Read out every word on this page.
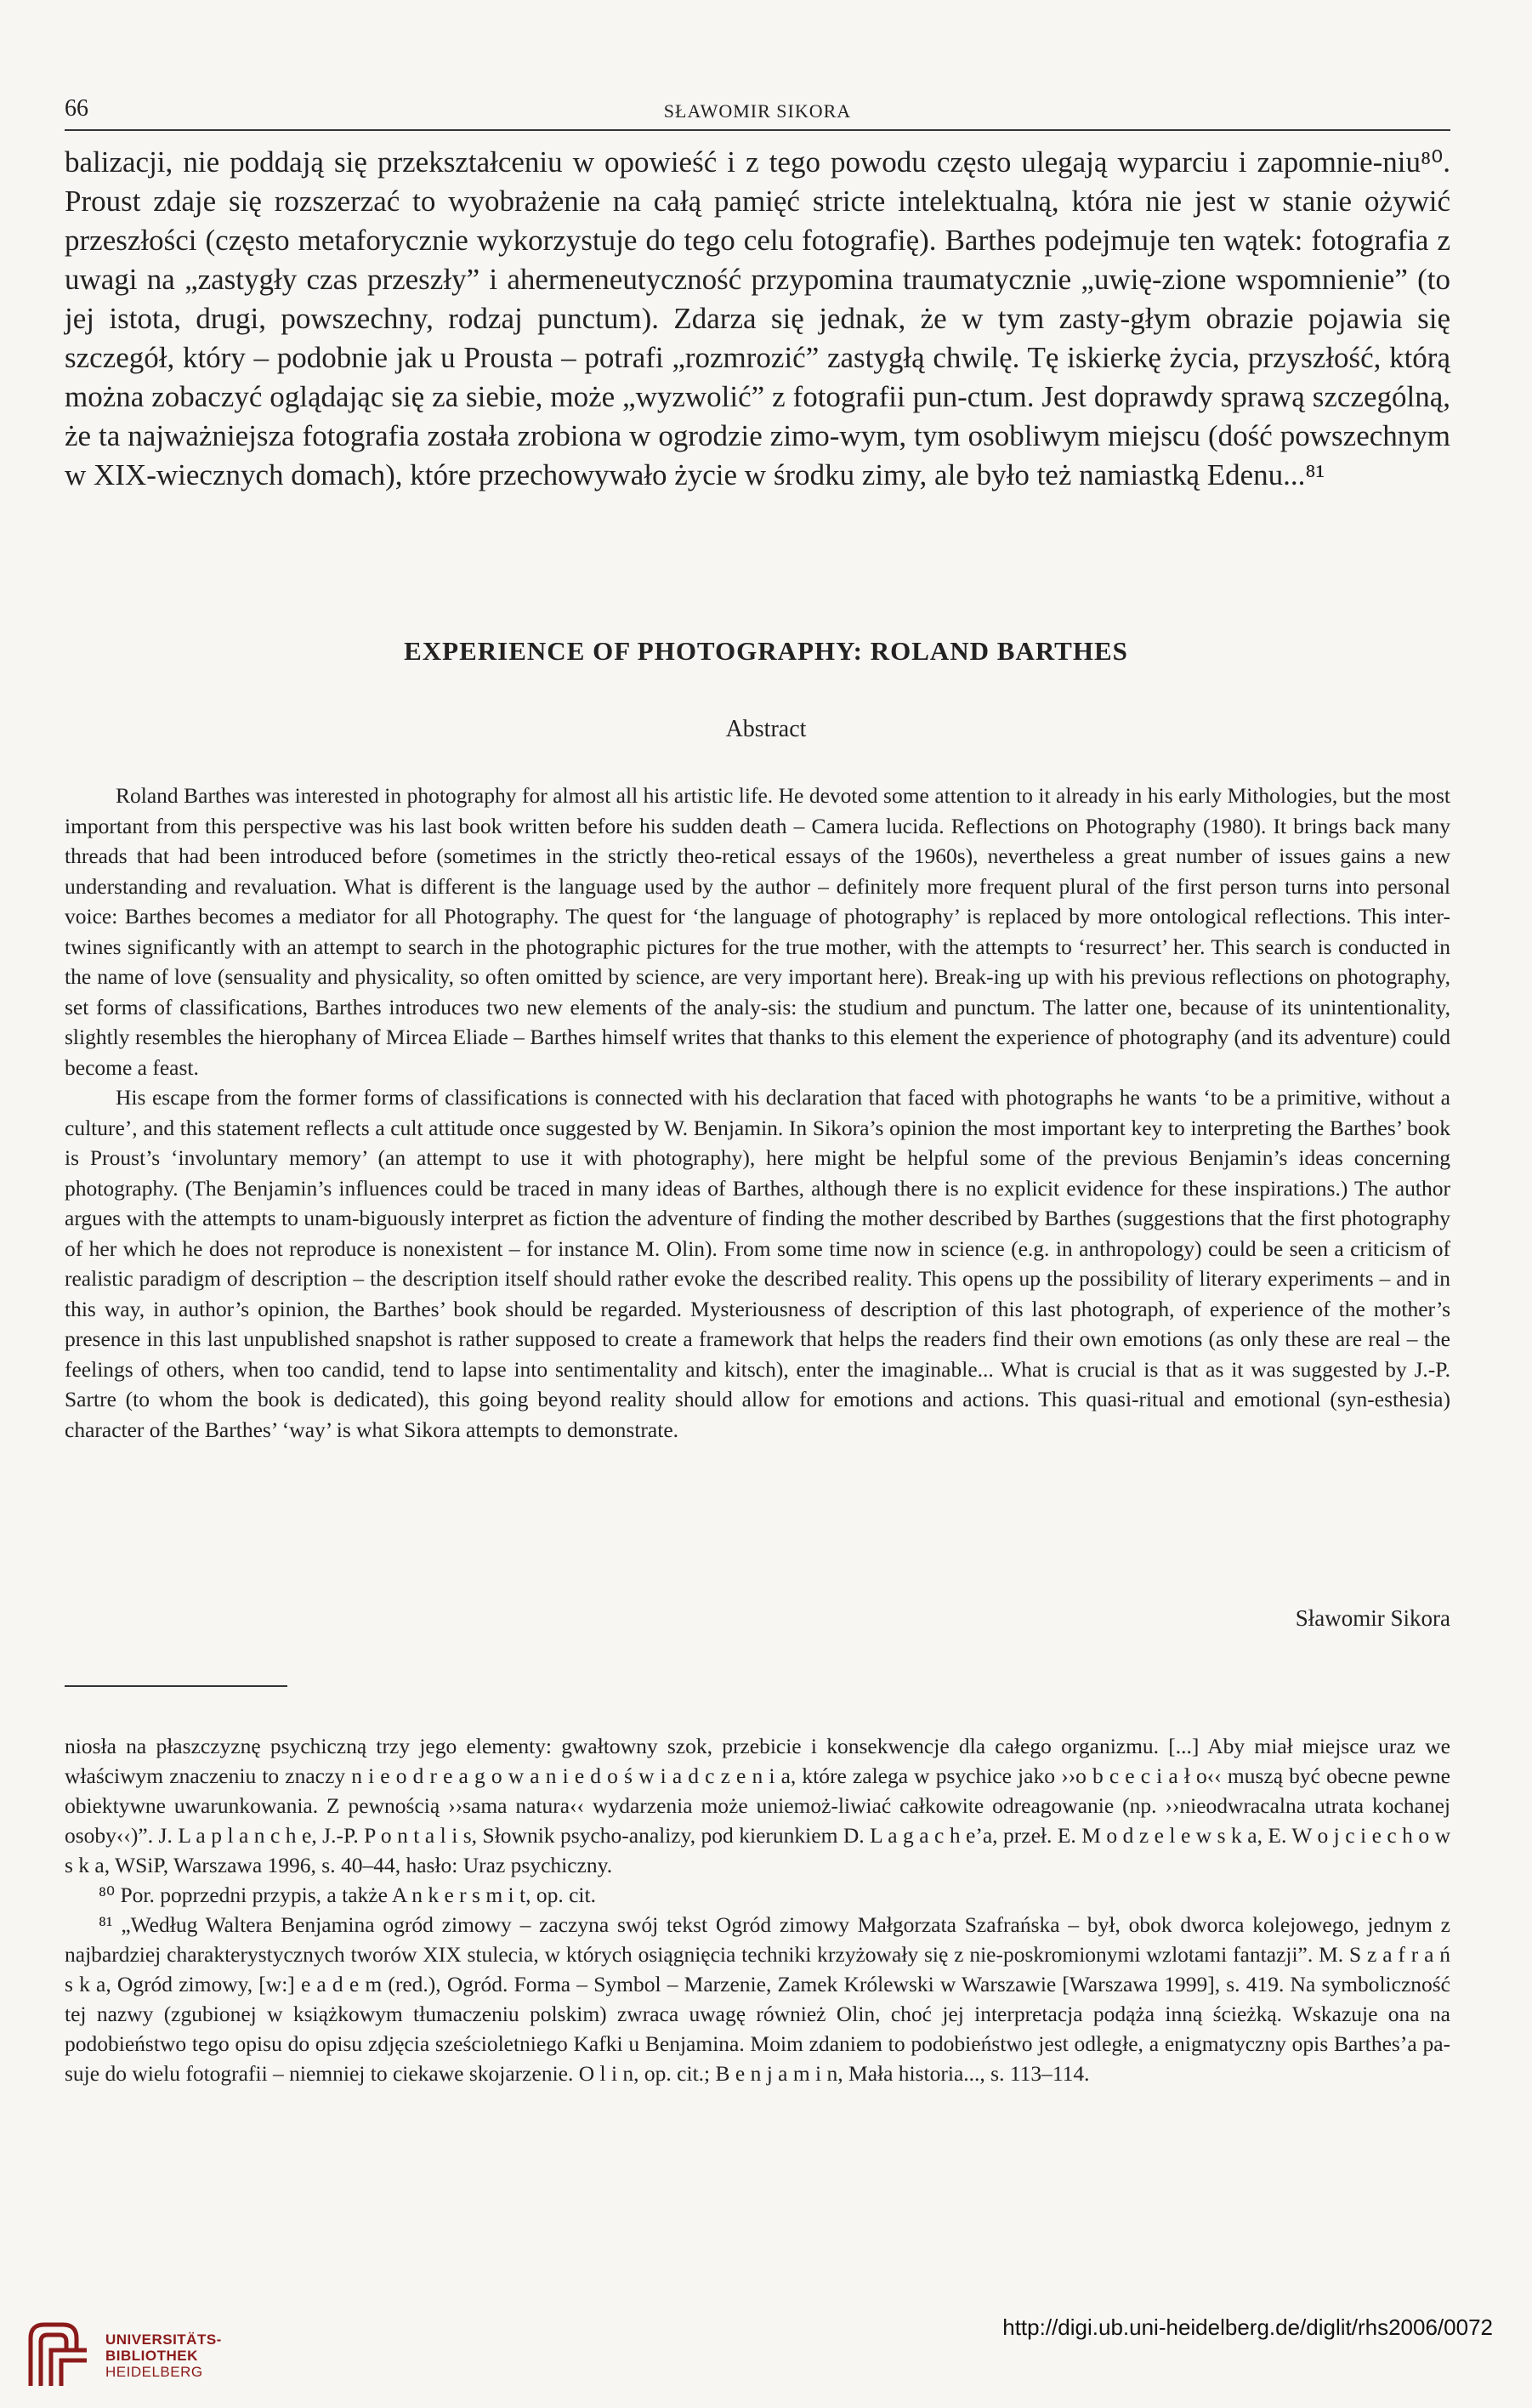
66	SŁAWOMIR SIKORA

balizacji, nie poddają się przekształceniu w opowieść i z tego powodu często ulegają wyparciu i zapomnie-niu⁸⁰. Proust zdaje się rozszerzać to wyobrażenie na całą pamięć stricte intelektualną, która nie jest w stanie ożywić przeszłości (często metaforycznie wykorzystuje do tego celu fotografię). Barthes podejmuje ten wątek: fotografia z uwagi na „zastygły czas przeszły” i ahermeneutyczność przypomina traumatycznie „uwię-zione wspomnienie” (to jej istota, drugi, powszechny, rodzaj punctum). Zdarza się jednak, że w tym zasty-głym obrazie pojawia się szczegół, który – podobnie jak u Prousta – potrafi „rozmrozić” zastygłą chwilę. Tę iskierkę życia, przyszłość, którą można zobaczyć oglądając się za siebie, może „wyzwolić” z fotografii pun-ctum. Jest doprawdy sprawą szczególną, że ta najważniejsza fotografia została zrobiona w ogrodzie zimo-wym, tym osobliwym miejscu (dość powszechnym w XIX-wiecznych domach), które przechowywało życie w środku zimy, ale było też namiastką Edenu...⁸¹

EXPERIENCE OF PHOTOGRAPHY: ROLAND BARTHES
Abstract

Roland Barthes was interested in photography for almost all his artistic life. He devoted some attention to it already in his early Mithologies, but the most important from this perspective was his last book written before his sudden death – Camera lucida. Reflections on Photography (1980). It brings back many threads that had been introduced before (sometimes in the strictly theo-retical essays of the 1960s), nevertheless a great number of issues gains a new understanding and revaluation. What is different is the language used by the author – definitely more frequent plural of the first person turns into personal voice: Barthes becomes a mediator for all Photography. The quest for ‘the language of photography’ is replaced by more ontological reflections. This inter-twines significantly with an attempt to search in the photographic pictures for the true mother, with the attempts to ‘resurrect’ her. This search is conducted in the name of love (sensuality and physicality, so often omitted by science, are very important here). Break-ing up with his previous reflections on photography, set forms of classifications, Barthes introduces two new elements of the analy-sis: the studium and punctum. The latter one, because of its unintentionality, slightly resembles the hierophany of Mircea Eliade – Barthes himself writes that thanks to this element the experience of photography (and its adventure) could become a feast.

His escape from the former forms of classifications is connected with his declaration that faced with photographs he wants ‘to be a primitive, without a culture’, and this statement reflects a cult attitude once suggested by W. Benjamin. In Sikora’s opinion the most important key to interpreting the Barthes’ book is Proust’s ‘involuntary memory’ (an attempt to use it with photography), here might be helpful some of the previous Benjamin’s ideas concerning photography. (The Benjamin’s influences could be traced in many ideas of Barthes, although there is no explicit evidence for these inspirations.) The author argues with the attempts to unam-biguously interpret as fiction the adventure of finding the mother described by Barthes (suggestions that the first photography of her which he does not reproduce is nonexistent – for instance M. Olin). From some time now in science (e.g. in anthropology) could be seen a criticism of realistic paradigm of description – the description itself should rather evoke the described reality. This opens up the possibility of literary experiments – and in this way, in author’s opinion, the Barthes’ book should be regarded. Mysteriousness of description of this last photograph, of experience of the mother’s presence in this last unpublished snapshot is rather supposed to create a framework that helps the readers find their own emotions (as only these are real – the feelings of others, when too candid, tend to lapse into sentimentality and kitsch), enter the imaginable... What is crucial is that as it was suggested by J.-P. Sartre (to whom the book is dedicated), this going beyond reality should allow for emotions and actions. This quasi-ritual and emotional (syn-esthesia) character of the Barthes’ ‘way’ is what Sikora attempts to demonstrate.

Sławomir Sikora

niosła na płaszczyznę psychiczną trzy jego elementy: gwałtowny szok, przebicie i konsekwencje dla całego organizmu. [...] Aby miał miejsce uraz we właściwym znaczeniu to znaczy n i e o d r e a g o w a n i e d o ś w i a d c z e n i a, które zalega w psychice jako ››o b c e c i a ł o‹‹ muszą być obecne pewne obiektywne uwarunkowania. Z pewnością ››sama natura‹‹ wydarzenia może uniemoż-liwiać całkowite odreagowanie (np. ››nieodwracalna utrata kochanej osoby‹‹)”. J. L a p l a n c h e, J.-P. P o n t a l i s, Słownik psycho-analizy, pod kierunkiem D. L a g a c h e’a, przeł. E. M o d z e l e w s k a, E. W o j c i e c h o w s k a, WSiP, Warszawa 1996, s. 40–44, hasło: Uraz psychiczny.

⁸⁰ Por. poprzedni przypis, a także A n k e r s m i t, op. cit.

⁸¹ „Według Waltera Benjamina ogród zimowy – zaczyna swój tekst Ogród zimowy Małgorzata Szafrańska – był, obok dworca kolejowego, jednym z najbardziej charakterystycznych tworów XIX stulecia, w których osiągnięcia techniki krzyżowały się z nie-poskromionymi wzlotami fantazji”. M. S z a f r a ń s k a, Ogród zimowy, [w:] e a d e m (red.), Ogród. Forma – Symbol – Marzenie, Zamek Królewski w Warszawie [Warszawa 1999], s. 419. Na symboliczność tej nazwy (zgubionej w książkowym tłumaczeniu polskim) zwraca uwagę również Olin, choć jej interpretacja podąża inną ścieżką. Wskazuje ona na podobieństwo tego opisu do opisu zdjęcia sześcioletniego Kafki u Benjamina. Moim zdaniem to podobieństwo jest odległe, a enigmatyczny opis Barthes’a pa-suje do wielu fotografii – niemniej to ciekawe skojarzenie. O l i n, op. cit.; B e n j a m i n, Mała historia..., s. 113–114.

UNIVERSITÄTS-
BIBLIOTHEK
HEIDELBERG
http://digi.ub.uni-heidelberg.de/diglit/rhs2006/0072
